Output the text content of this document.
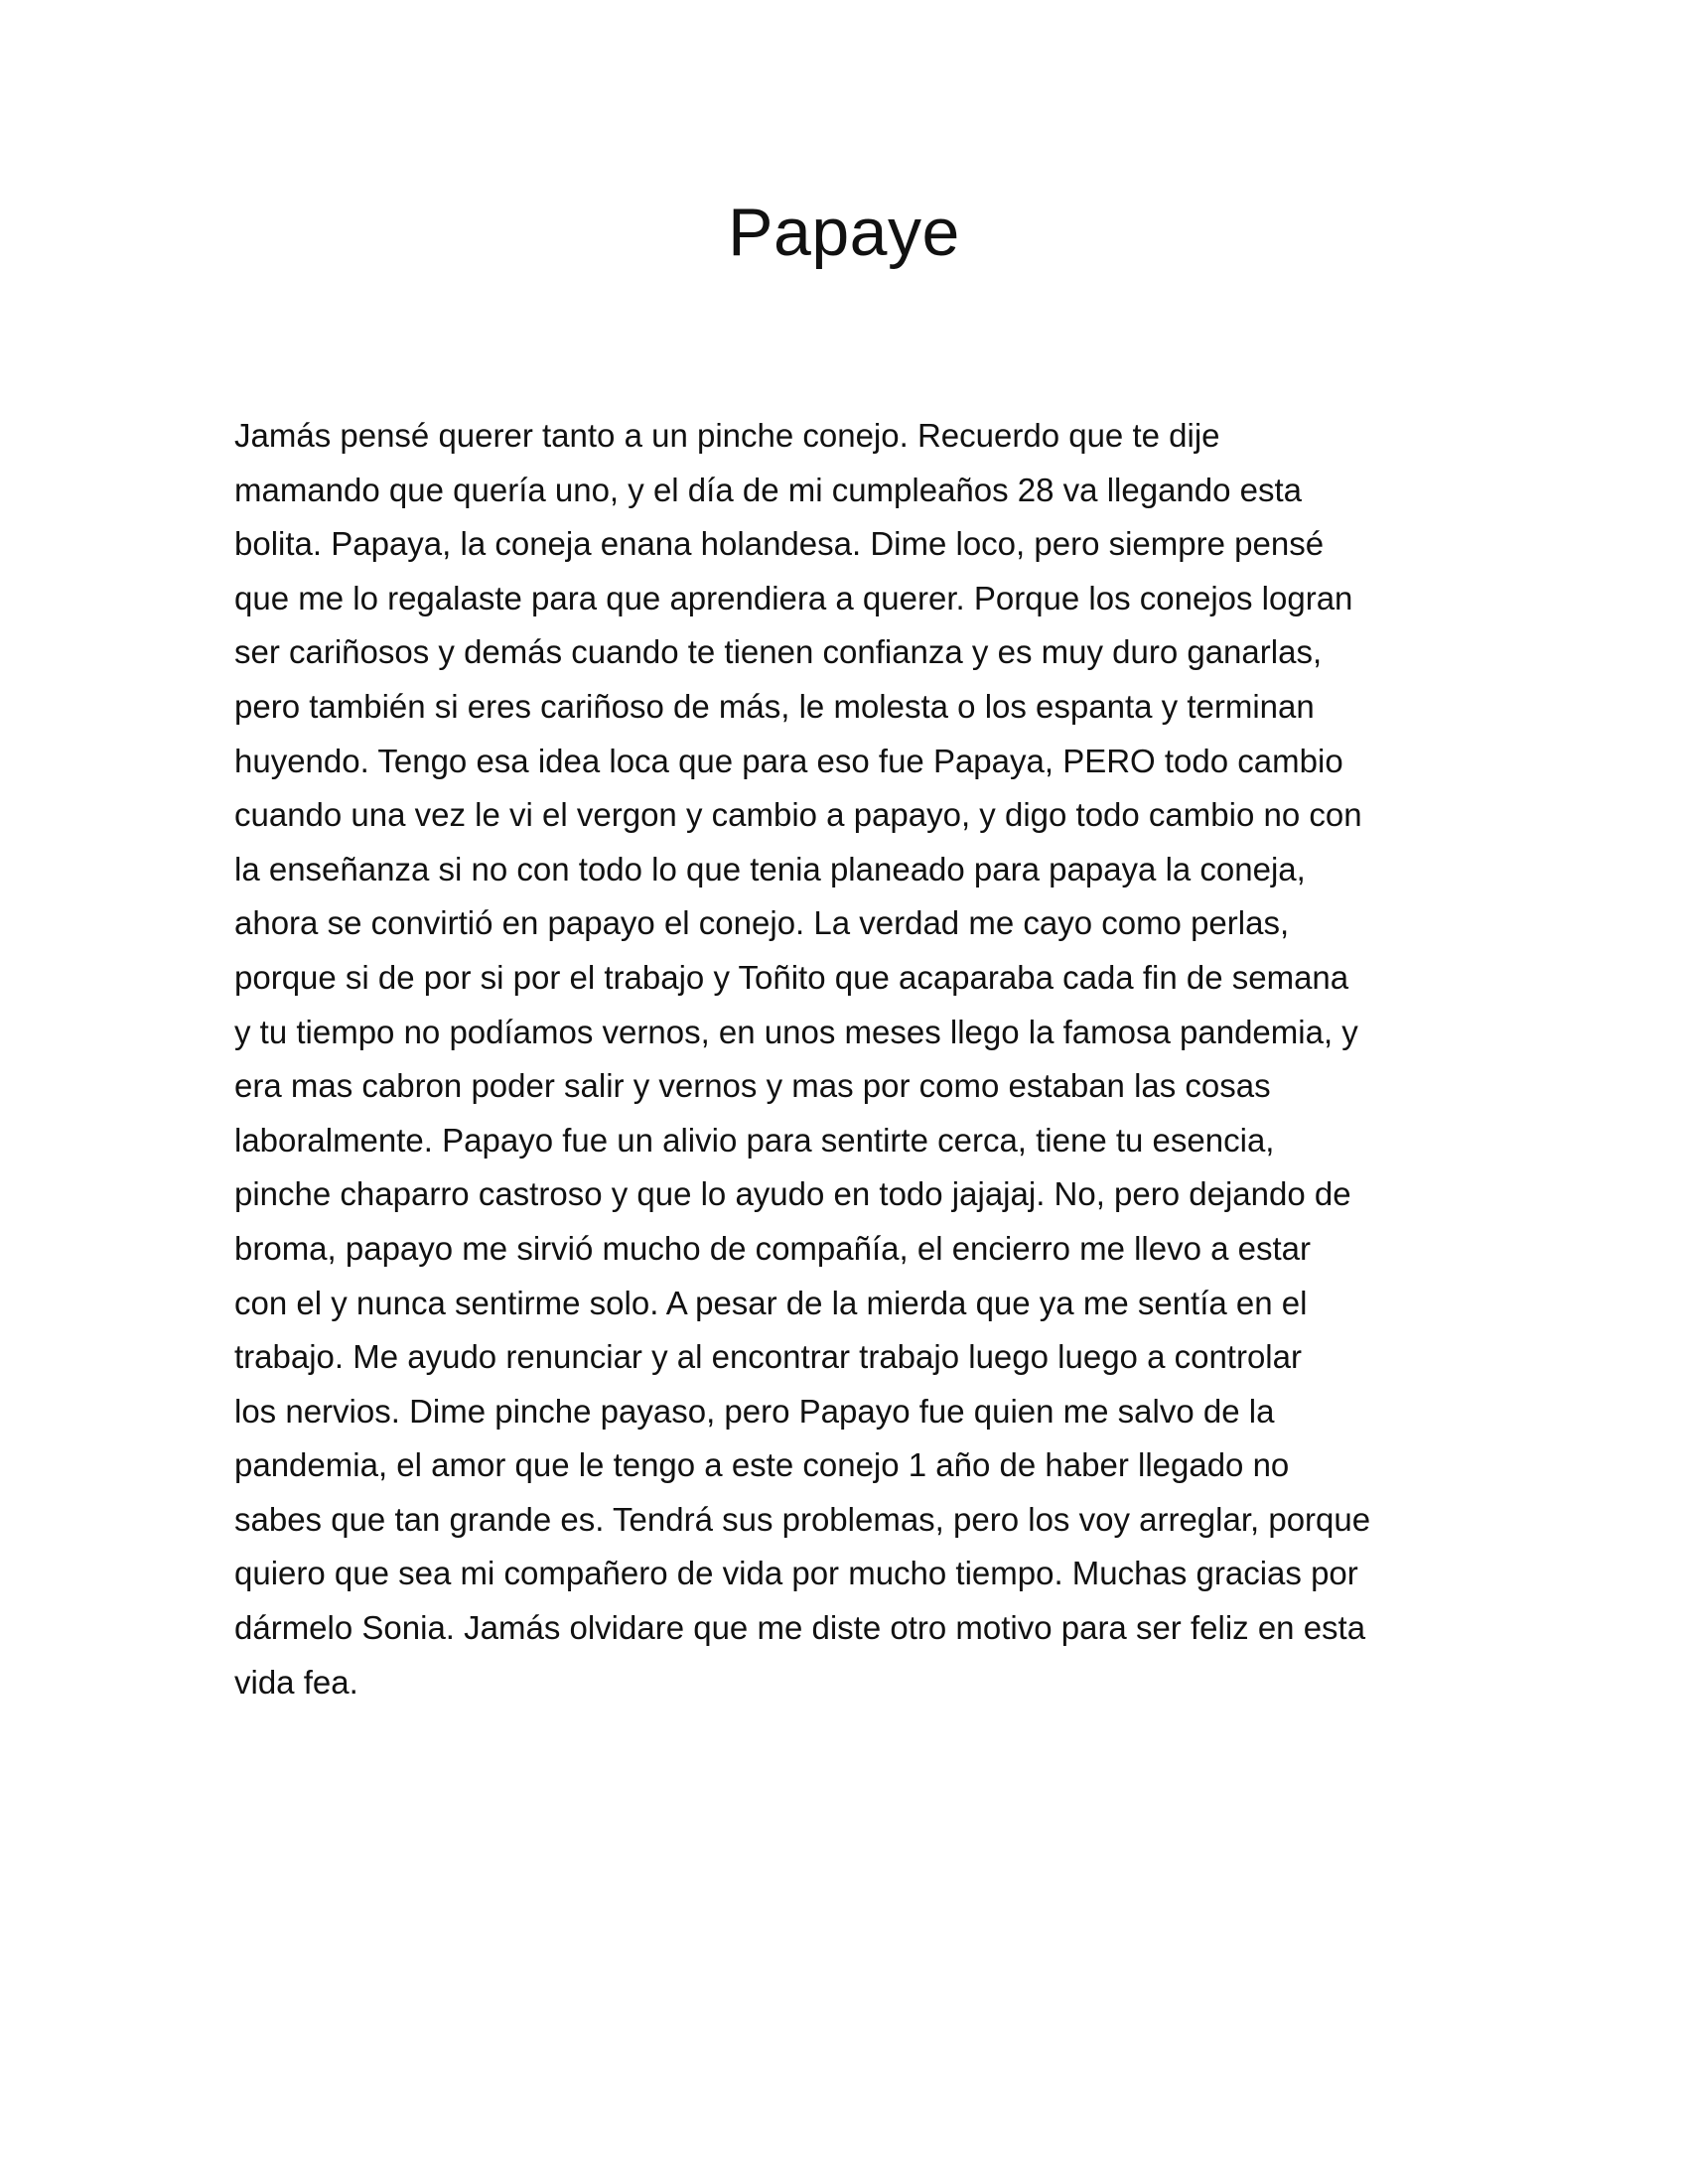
Papaye
Jamás pensé querer tanto a un pinche conejo. Recuerdo que te dije
mamando que quería uno, y el día de mi cumpleaños 28 va llegando esta
bolita. Papaya, la coneja enana holandesa. Dime loco, pero siempre pensé
que me lo regalaste para que aprendiera a querer. Porque los conejos logran
ser cariñosos y demás cuando te tienen confianza y es muy duro ganarlas,
pero también si eres cariñoso de más, le molesta o los espanta y terminan
huyendo. Tengo esa idea loca que para eso fue Papaya, PERO todo cambio
cuando una vez le vi el vergon y cambio a papayo, y digo todo cambio no con
la enseñanza si no con todo lo que tenia planeado para papaya la coneja,
ahora se convirtió en papayo el conejo. La verdad me cayo como perlas,
porque si de por si por el trabajo y Toñito que acaparaba cada fin de semana
y tu tiempo no podíamos vernos, en unos meses llego la famosa pandemia, y
era mas cabron poder salir y vernos y mas por como estaban las cosas
laboralmente. Papayo fue un alivio para sentirte cerca, tiene tu esencia,
pinche chaparro castroso y que lo ayudo en todo jajajaj. No, pero dejando de
broma, papayo me sirvió mucho de compañía, el encierro me llevo a estar
con el y nunca sentirme solo. A pesar de la mierda que ya me sentía en el
trabajo. Me ayudo renunciar y al encontrar trabajo luego luego a controlar
los nervios. Dime pinche payaso, pero Papayo fue quien me salvo de la
pandemia, el amor que le tengo a este conejo 1 año de haber llegado no
sabes que tan grande es. Tendrá sus problemas, pero los voy arreglar, porque
quiero que sea mi compañero de vida por mucho tiempo. Muchas gracias por
dármelo Sonia. Jamás olvidare que me diste otro motivo para ser feliz en esta
vida fea.
